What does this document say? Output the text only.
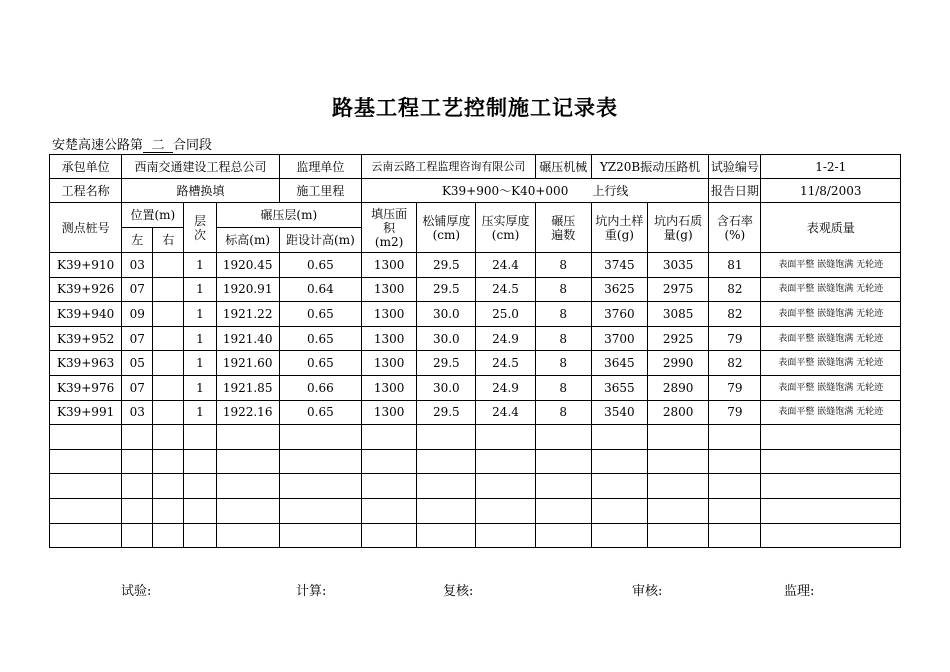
路基工程工艺控制施工记录表
安楚高速公路第 二 合同段
承包单位	西南交通建设工程总公司				监理单位	云南云路工程监理咨询有限公司			碾压机械	YZ20B振动压路机		试验编号	1-2-1
工程名称	路槽换填				施工里程	K39+900～K40+000　　上行线						报告日期	11/8/2003
测点桩号	位置(m)		层次	碾压层(m)		填压面积(m2)	松铺厚度(cm)	压实厚度(cm)	碾压遍数	坑内土样重(g)	坑内石质量(g)	含石率(%)	表观质量
	左	右		标高(m)	距设计高(m)								
K39+910	03		1	1920.45	0.65	1300	29.5	24.4	8	3745	3035	81	表面平整 嵌缝饱满 无轮迹
K39+926	07		1	1920.91	0.64	1300	29.5	24.5	8	3625	2975	82	表面平整 嵌缝饱满 无轮迹
K39+940	09		1	1921.22	0.65	1300	30.0	25.0	8	3760	3085	82	表面平整 嵌缝饱满 无轮迹
K39+952	07		1	1921.40	0.65	1300	30.0	24.9	8	3700	2925	79	表面平整 嵌缝饱满 无轮迹
K39+963	05		1	1921.60	0.65	1300	29.5	24.5	8	3645	2990	82	表面平整 嵌缝饱满 无轮迹
K39+976	07		1	1921.85	0.66	1300	30.0	24.9	8	3655	2890	79	表面平整 嵌缝饱满 无轮迹
K39+991	03		1	1922.16	0.65	1300	29.5	24.4	8	3540	2800	79	表面平整 嵌缝饱满 无轮迹

试验:	计算:	复核:	审核:	监理:
